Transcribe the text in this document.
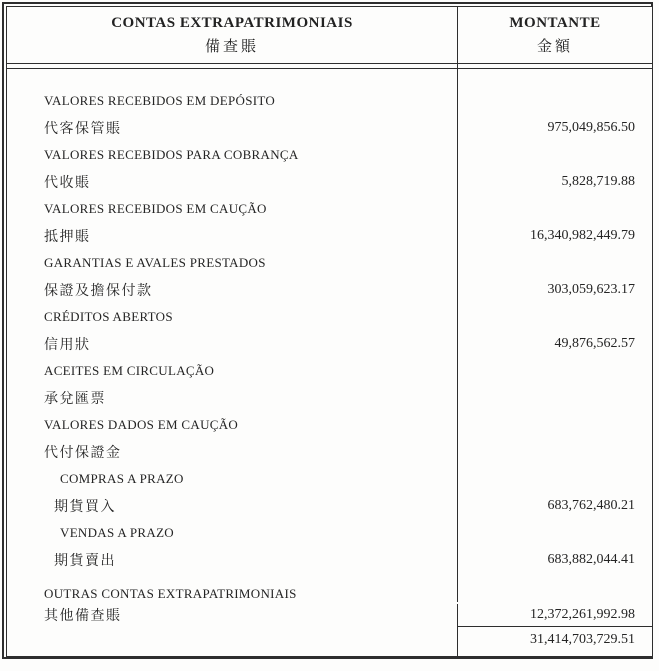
CONTAS EXTRAPATRIMONIAIS
備查賬
MONTANTE
金額
VALORES RECEBIDOS EM DEPÓSITO
代客保管賬	975,049,856.50
VALORES RECEBIDOS PARA COBRANÇA
代收賬	5,828,719.88
VALORES RECEBIDOS EM CAUÇÃO
抵押賬	16,340,982,449.79
GARANTIAS E AVALES PRESTADOS
保證及擔保付款	303,059,623.17
CRÉDITOS ABERTOS
信用狀	49,876,562.57
ACEITES EM CIRCULAÇÃO
承兌匯票
VALORES DADOS EM CAUÇÃO
代付保證金
COMPRAS A PRAZO
期貨買入	683,762,480.21
VENDAS A PRAZO
期貨賣出	683,882,044.41
OUTRAS CONTAS EXTRAPATRIMONIAIS
其他備查賬	12,372,261,992.98
31,414,703,729.51
